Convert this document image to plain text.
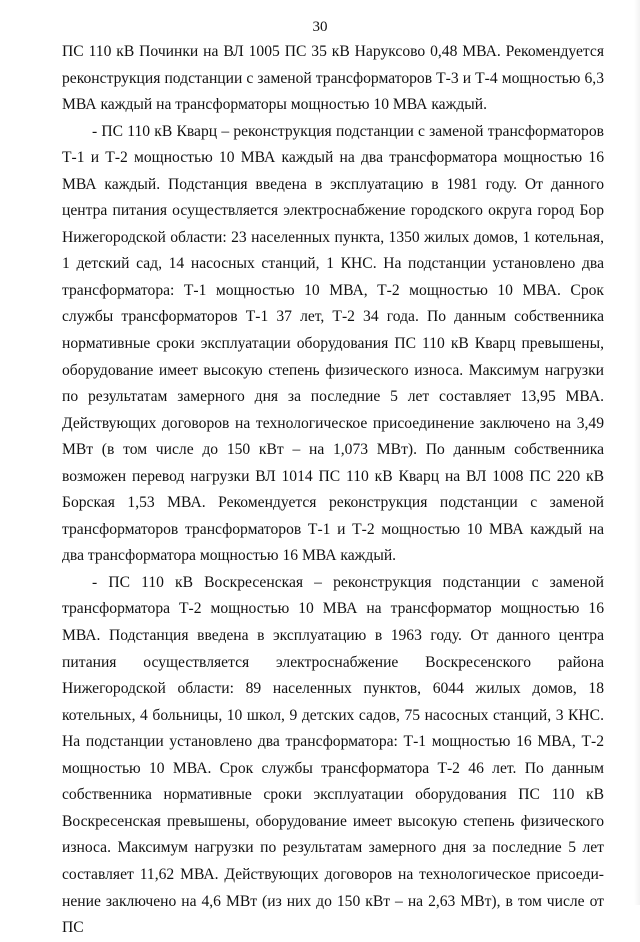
30

ПС 110 кВ Починки на ВЛ 1005 ПС 35 кВ Наруксово 0,48 МВА. Рекомендуется реконструкция подстанции с заменой трансформаторов Т-3 и Т-4 мощностью 6,3 МВА каждый на трансформаторы мощностью 10 МВА каждый.

- ПС 110 кВ Кварц – реконструкция подстанции с заменой трансформаторов Т-1 и Т-2 мощностью 10 МВА каждый на два трансформатора мощностью 16 МВА каждый. Подстанция введена в эксплуатацию в 1981 году. От данного центра питания осуществляется электроснабжение городского округа город Бор Нижегородской области: 23 населенных пункта, 1350 жилых домов, 1 котельная, 1 детский сад, 14 насосных станций, 1 КНС. На подстанции установлено два трансформатора: Т-1 мощностью 10 МВА, Т-2 мощностью 10 МВА. Срок службы трансформаторов Т-1 37 лет, Т-2 34 года. По данным собственника нормативные сроки эксплуатации оборудования ПС 110 кВ Кварц превышены, оборудование имеет высокую степень физического износа. Максимум нагрузки по результатам замерного дня за последние 5 лет составляет 13,95 МВА. Действующих договоров на технологическое присоединение заключено на 3,49 МВт (в том числе до 150 кВт – на 1,073 МВт). По данным собственника возможен перевод нагрузки ВЛ 1014 ПС 110 кВ Кварц на ВЛ 1008 ПС 220 кВ Борская 1,53 МВА. Рекомендуется реконструкция подстанции с заменой трансформаторов трансформаторов Т-1 и Т-2 мощностью 10 МВА каждый на два трансформатора мощностью 16 МВА каждый.

- ПС 110 кВ Воскресенская – реконструкция подстанции с заменой трансформатора Т-2 мощностью 10 МВА на трансформатор мощностью 16 МВА. Подстанция введена в эксплуатацию в 1963 году. От данного центра питания осуществляется электроснабжение Воскресенского района Нижегородской области: 89 населенных пунктов, 6044 жилых домов, 18 котельных, 4 больницы, 10 школ, 9 детских садов, 75 насосных станций, 3 КНС. На подстанции установлено два трансформатора: Т-1 мощностью 16 МВА, Т-2 мощностью 10 МВА. Срок службы трансформатора Т-2 46 лет. По данным собственника нормативные сроки эксплуатации оборудования ПС 110 кВ Воскресенская превышены, оборудование имеет высокую степень физического износа. Максимум нагрузки по результатам замерного дня за последние 5 лет составляет 11,62 МВА. Действующих договоров на технологическое присоединение заключено на 4,6 МВт (из них до 150 кВт – на 2,63 МВт), в том числе от ПС
